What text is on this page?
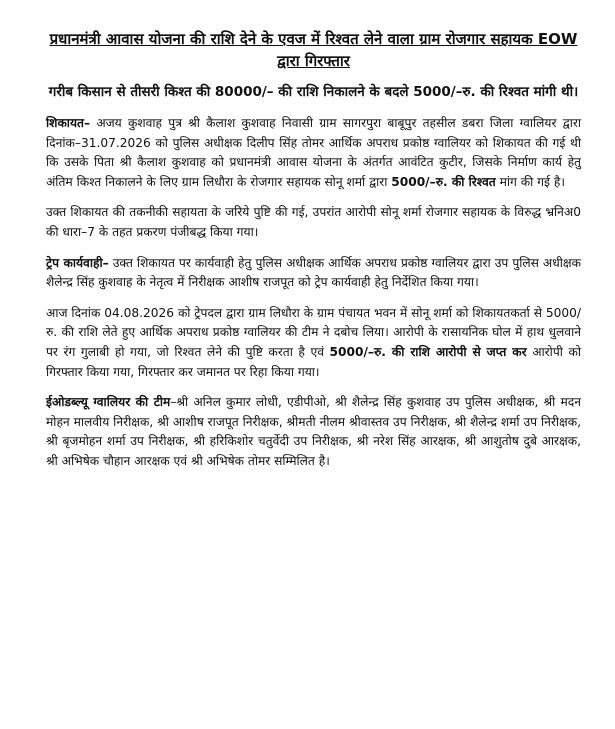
प्रधानमंत्री आवास योजना की राशि देने के एवज में रिश्वत लेने वाला ग्राम रोजगार सहायक EOW द्वारा गिरफ्तार
गरीब किसान से तीसरी किश्त की 80000/– की राशि निकालने के बदले 5000/–रु. की रिश्वत मांगी थी।

शिकायत– अजय कुशवाह पुत्र श्री कैलाश कुशवाह निवासी ग्राम सागरपुरा बाबूपुर तहसील डबरा जिला ग्वालियर द्वारा दिनांक–31.07.2026 को पुलिस अधीक्षक दिलीप सिंह तोमर आर्थिक अपराध प्रकोष्ठ ग्वालियर को शिकायत की गई थी कि उसके पिता श्री कैलाश कुशवाह को प्रधानमंत्री आवास योजना के अंतर्गत आवंटित कुटीर, जिसके निर्माण कार्य हेतु अंतिम किश्त निकालने के लिए ग्राम लिधौरा के रोजगार सहायक सोनू शर्मा द्वारा 5000/–रु. की रिश्वत मांग की गई है।

उक्त शिकायत की तकनीकी सहायता के जरिये पुष्टि की गई, उपरांत आरोपी सोनू शर्मा रोजगार सहायक के विरुद्ध भ्रनिअ0 की धारा–7 के तहत प्रकरण पंजीबद्ध किया गया।

ट्रेप कार्यवाही– उक्त शिकायत पर कार्यवाही हेतु पुलिस अधीक्षक आर्थिक अपराध प्रकोष्ठ ग्वालियर द्वारा उप पुलिस अधीक्षक शैलेन्द्र सिंह कुशवाह के नेतृत्व में निरीक्षक आशीष राजपूत को ट्रेप कार्यवाही हेतु निर्देशित किया गया।

आज दिनांक 04.08.2026 को ट्रेपदल द्वारा ग्राम लिधौरा के ग्राम पंचायत भवन में सोनू शर्मा को शिकायतकर्ता से 5000/रु. की राशि लेते हुए आर्थिक अपराध प्रकोष्ठ ग्वालियर की टीम ने दबोच लिया। आरोपी के रासायनिक घोल में हाथ धुलवाने पर रंग गुलाबी हो गया, जो रिश्वत लेने की पुष्टि करता है एवं 5000/–रु. की राशि आरोपी से जप्त कर आरोपी को गिरफ्तार किया गया, गिरफ्तार कर जमानत पर रिहा किया गया।

ईओडब्ल्यू ग्वालियर की टीम–श्री अनिल कुमार लोधी, एडीपीओ, श्री शैलेन्द्र सिंह कुशवाह उप पुलिस अधीक्षक, श्री मदन मोहन मालवीय निरीक्षक, श्री आशीष राजपूत निरीक्षक, श्रीमती नीलम श्रीवास्तव उप निरीक्षक, श्री शैलेन्द्र शर्मा उप निरीक्षक, श्री बृजमोहन शर्मा उप निरीक्षक, श्री हरिकिशोर चतुर्वेदी उप निरीक्षक, श्री नरेश सिंह आरक्षक, श्री आशुतोष दुबे आरक्षक, श्री अभिषेक चौहान आरक्षक एवं श्री अभिषेक तोमर सम्मिलित है।
